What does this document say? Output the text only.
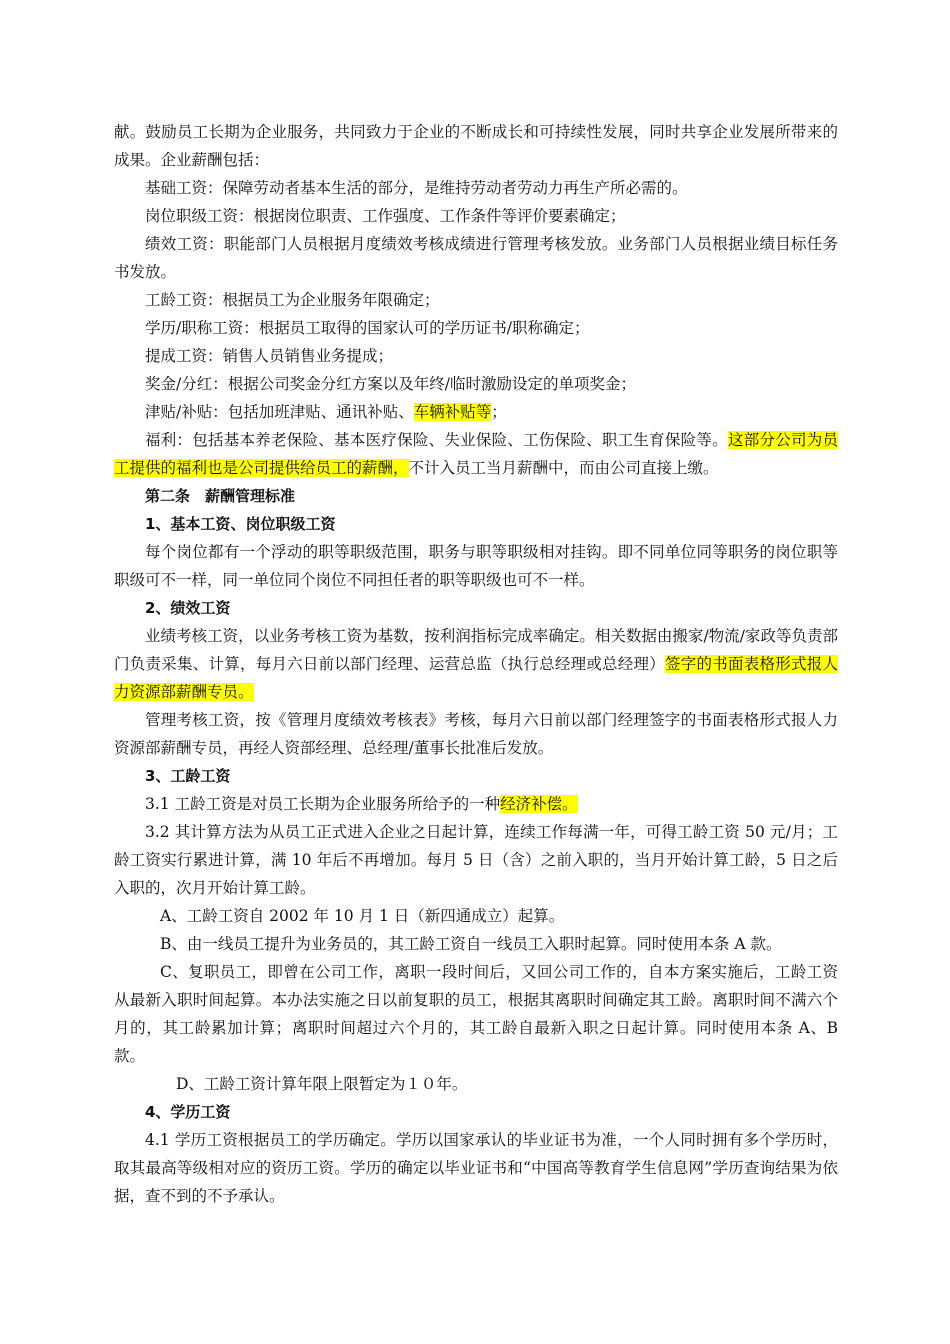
献。鼓励员工长期为企业服务，共同致力于企业的不断成长和可持续性发展，同时共享企业发展所带来的成果。企业薪酬包括：

基础工资：保障劳动者基本生活的部分，是维持劳动者劳动力再生产所必需的。

岗位职级工资：根据岗位职责、工作强度、工作条件等评价要素确定；

绩效工资：职能部门人员根据月度绩效考核成绩进行管理考核发放。业务部门人员根据业绩目标任务书发放。

工龄工资：根据员工为企业服务年限确定；

学历/职称工资：根据员工取得的国家认可的学历证书/职称确定；

提成工资：销售人员销售业务提成；

奖金/分红：根据公司奖金分红方案以及年终/临时激励设定的单项奖金；

津贴/补贴：包括加班津贴、通讯补贴、车辆补贴等；

福利：包括基本养老保险、基本医疗保险、失业保险、工伤保险、职工生育保险等。这部分公司为员工提供的福利也是公司提供给员工的薪酬，不计入员工当月薪酬中，而由公司直接上缴。

第二条　薪酬管理标准

1、基本工资、岗位职级工资

每个岗位都有一个浮动的职等职级范围，职务与职等职级相对挂钩。即不同单位同等职务的岗位职等职级可不一样，同一单位同个岗位不同担任者的职等职级也可不一样。

2、绩效工资

业绩考核工资，以业务考核工资为基数，按利润指标完成率确定。相关数据由搬家/物流/家政等负责部门负责采集、计算，每月六日前以部门经理、运营总监（执行总经理或总经理）签字的书面表格形式报人力资源部薪酬专员。

管理考核工资，按《管理月度绩效考核表》考核，每月六日前以部门经理签字的书面表格形式报人力资源部薪酬专员，再经人资部经理、总经理/董事长批准后发放。

3、工龄工资

3.1 工龄工资是对员工长期为企业服务所给予的一种经济补偿。

3.2 其计算方法为从员工正式进入企业之日起计算，连续工作每满一年，可得工龄工资 50 元/月；工龄工资实行累进计算，满 10 年后不再增加。每月 5 日（含）之前入职的，当月开始计算工龄，5 日之后入职的，次月开始计算工龄。

A、工龄工资自 2002 年 10 月 1 日（新四通成立）起算。

B、由一线员工提升为业务员的，其工龄工资自一线员工入职时起算。同时使用本条 A 款。

C、复职员工，即曾在公司工作，离职一段时间后，又回公司工作的，自本方案实施后，工龄工资从最新入职时间起算。本办法实施之日以前复职的员工，根据其离职时间确定其工龄。离职时间不满六个月的，其工龄累加计算；离职时间超过六个月的，其工龄自最新入职之日起计算。同时使用本条 A、B 款。

D、工龄工资计算年限上限暂定为１０年。

4、学历工资

4.1 学历工资根据员工的学历确定。学历以国家承认的毕业证书为准，一个人同时拥有多个学历时，取其最高等级相对应的资历工资。学历的确定以毕业证书和“中国高等教育学生信息网”学历查询结果为依据，查不到的不予承认。
